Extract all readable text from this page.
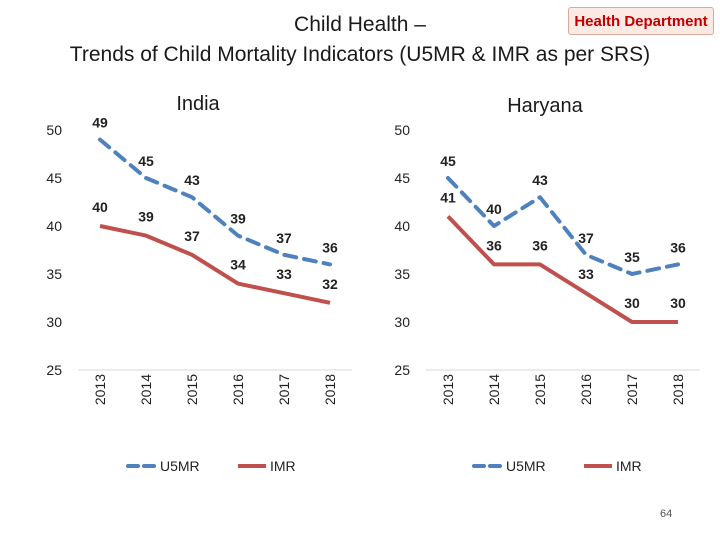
Child Health –
Trends of Child Mortality Indicators (U5MR & IMR as per SRS)
Health Department
64
India
25
30
35
40
45
50
2013 2014 2015 2016 2017 2018
49
45
43
39
37
36
40
39
37
34
33
32
U5MR	IMR
Haryana
25
30
35
40
45
50
2013 2014 2015 2016 2017 2018
45
40
43
37
35
36
41
36 36
33
30 30
U5MR	IMR
